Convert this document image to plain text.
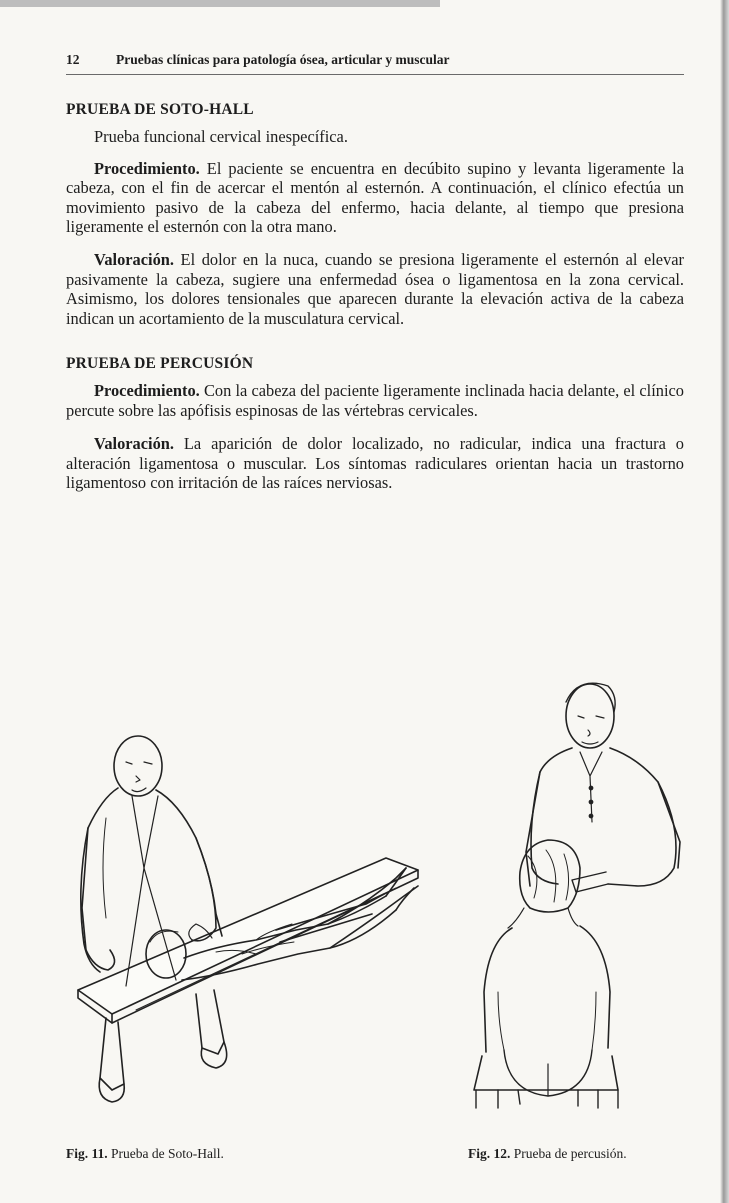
12	Pruebas clínicas para patología ósea, articular y muscular
PRUEBA DE SOTO-HALL

Prueba funcional cervical inespecífica.

Procedimiento. El paciente se encuentra en decúbito supino y levanta ligeramente la cabeza, con el fin de acercar el mentón al esternón. A continuación, el clínico efectúa un movimiento pasivo de la cabeza del enfermo, hacia delante, al tiempo que presiona ligeramente el esternón con la otra mano.

Valoración. El dolor en la nuca, cuando se presiona ligeramente el esternón al elevar pasivamente la cabeza, sugiere una enfermedad ósea o ligamentosa en la zona cervical. Asimismo, los dolores tensionales que aparecen durante la elevación activa de la cabeza indican un acortamiento de la musculatura cervical.

PRUEBA DE PERCUSIÓN

Procedimiento. Con la cabeza del paciente ligeramente inclinada hacia delante, el clínico percute sobre las apófisis espinosas de las vértebras cervicales.

Valoración. La aparición de dolor localizado, no radicular, indica una fractura o alteración ligamentosa o muscular. Los síntomas radiculares orientan hacia un trastorno ligamentoso con irritación de las raíces nerviosas.

Fig. 11. Prueba de Soto-Hall.	Fig. 12. Prueba de percusión.
